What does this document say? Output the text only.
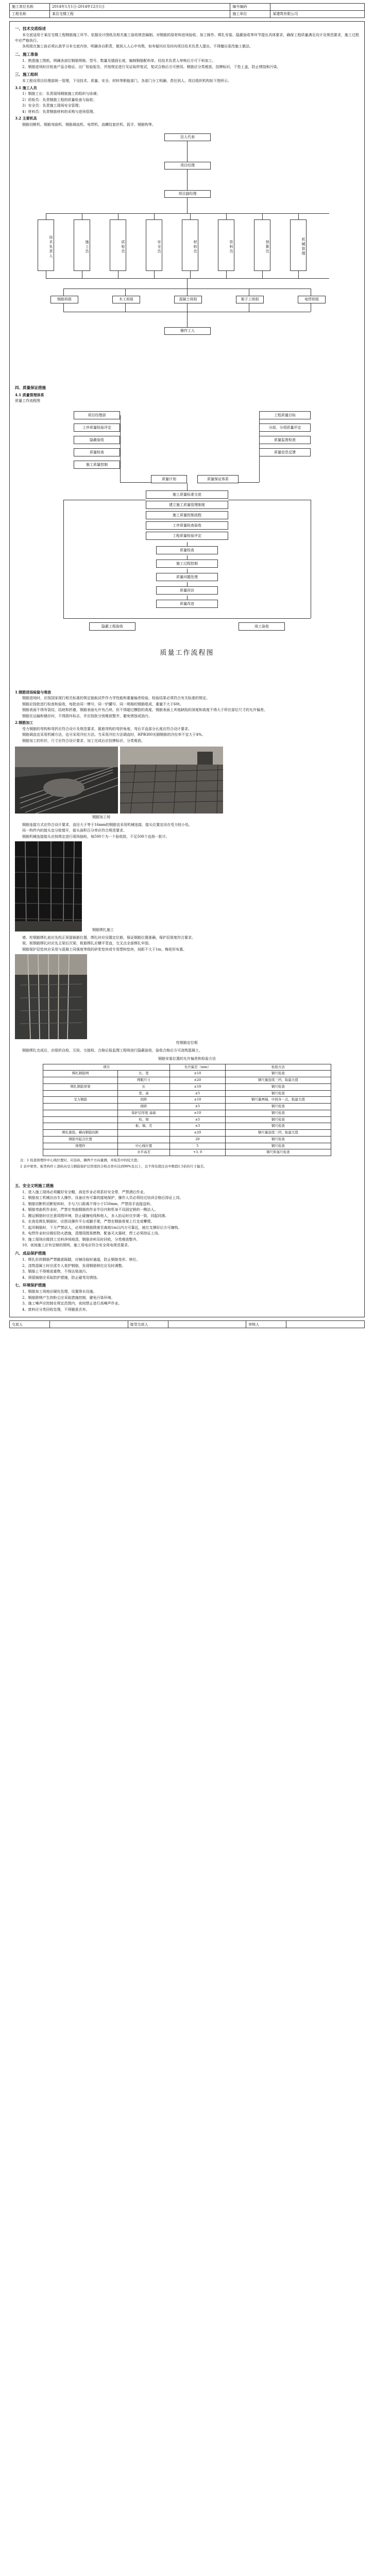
施工单位名称	2014年1月1日-2014年12月1日	编号编码	
工程名称	某住宅楼工程	施工单位	某建筑有限公司
一、技术交底综述

本交底适用于某住宅楼工程钢筋施工环节。依据设计图纸及相关施工验收规范编制。对钢筋的原材料进场验收、加工制作、绑扎安装、隐蔽验收等环节提出具体要求，确保工程质量满足设计及规范要求，施工过程中应严格执行。

各班组在施工前必须认真学习本交底内容，明确各自职责，做到人人心中有数，如有疑问应及时向项目技术负责人提出，不得擅自更改施工做法。

二、施工准备

1、熟悉施工图纸，明确各部位钢筋规格、型号、数量及锚固长度，编制钢筋配料单，经技术负责人审核后方可下料加工。

2、钢筋进场时应检查产品合格证、出厂检验报告，并按规定进行见证取样复试，复试合格后方可使用。钢筋应分类堆放，挂牌标识，下垫上盖，防止锈蚀和污染。

三、施工组织

本工程设项目经理部统一管理，下设技术、质量、安全、材料等职能部门，各部门分工明确，责任到人。项目组织机构如下图所示。

3.1 施工人员

1）钢筋工长：负责现场钢筋施工的组织与协调；

2）质检员：负责钢筋工程的质量检查与验收；

3）安全员：负责施工现场安全管理；

4）材料员：负责钢筋材料的采购与进场管理。

3.2 主要机具

钢筋切断机、钢筋弯曲机、钢筋调直机、电焊机、直螺纹套丝机、扳手、钢筋钩等。

法人代表
项目经理
项目副经理
技术负责人	施工员	质检员	安全员	材料员	资料员	预算员	机械管理
钢筋班组	木工班组	混凝土班组	架子工班组	电焊班组
操作工人
四、质量保证措施
4.1 质量管理体系

质量工作流程图

项目经理部
工序质量检验评定
隐蔽验收
质量检查
施工质量控制
工程质量目标
分部、分项质量评定
质量监督检查
质量信息反馈
质量计划	质量保证体系
施工质量标准交底
建立施工质量管理制度
施工质量控制流程
工序质量检查验收
工程质量检验评定
质量检查
施工过程控制
质量问题处理
质量回访
质量改进
隐蔽工程验收	竣工验收
质量工作流程图
1.钢筋进场检验与堆放

钢筋进场时，应按国家现行相关标准的规定抽取试件作力学性能和重量偏差检验，检验结果必须符合有关标准的规定。

钢筋应按批进行检查和验收，每批由同一牌号、同一炉罐号、同一规格的钢筋组成，重量不大于60t。

钢筋表面不得有裂纹、结疤和折叠，钢筋表面允许有凸块，但不得超过横肋的高度，钢筋表面上其他缺陷的深度和高度不得大于所在部位尺寸的允许偏差。

钢筋在运输和储存时，不得损坏标志，并应按批分别堆放整齐，避免锈蚀或油污。

2.钢筋加工

受力钢筋的弯钩和弯折应符合设计及规范要求，箍筋弯钩的弯折角度、弯后平直部分长度应符合设计要求。

钢筋调直宜采用机械方法，也可采用冷拉方法。当采用冷拉方法调直时，HPB300光圆钢筋的冷拉率不宜大于4%。

钢筋加工的形状、尺寸应符合设计要求，加工完成后应挂牌标识，分类堆放。

钢筋加工场

钢筋连接方式应符合设计要求，直径大于等于16mm的钢筋宜采用机械连接，接头位置宜设在受力较小处。

同一构件内的接头宜分批错开，接头面积百分率应符合规范要求。

钢筋机械连接接头应按规定进行现场抽检，每500个为一个验收批，不足500个也按一批计。

钢筋绑扎施工

墙、柱钢筋绑扎前应先校正预留插筋位置，绑扎时应设置定位筋，保证钢筋位置准确，保护层厚度符合要求。

梁、板钢筋绑扎时应先主梁后次梁，板筋绑扎应横平竖直，交叉点全部绑扎牢固。

钢筋保护层垫块应采用与混凝土同强度等级的砂浆垫块或专用塑料垫块，间距不大于1m，梅花形布置。

柱钢筋定位框

钢筋绑扎完成后，应组织自检、互检、交接检，合格后报监理工程师进行隐蔽验收，验收合格后方可浇筑混凝土。

钢筋安装位置的允许偏差和检验方法
项目		允许偏差（mm）	检验方法
绑扎钢筋网	长、宽	±10	钢尺检查
	网眼尺寸	±20	钢尺量连续三档，取最大值
绑扎钢筋骨架	长	±10	钢尺检查
	宽、高	±5	钢尺检查
受力钢筋	间距	±10	钢尺量两端、中间各一点，取最大值
	排距	±5	钢尺检查
	保护层厚度 基础	±10	钢尺检查
	柱、梁	±5	钢尺检查
	板、墙、壳	±3	钢尺检查
绑扎箍筋、横向钢筋间距		±20	钢尺量连续三档，取最大值
钢筋弯起点位置		20	钢尺检查
预埋件	中心线位置	5	钢尺检查
	水平高差	+3, 0	钢尺和塞尺检查
注：1 检查预埋件中心线位置时，应沿纵、横两个方向量测，并取其中的较大值；
2 表中梁类、板类构件上部纵向受力钢筋保护层厚度的合格点率应达到90%及以上，且不得有超过表中数值1.5倍的尺寸偏差。
五、安全文明施工措施

1、进入施工现场必须戴好安全帽，高处作业必须系好安全带，严禁酒后作业。

2、钢筋加工机械应由专人操作，设备应有可靠的接地保护，操作人员必须经过培训合格后持证上岗。

3、钢筋切断机切断短料时，手与刀口距离不得小于150mm，严禁用手直接送料。

4、钢筋弯曲机作业时，严禁在弯曲钢筋的作业半径内和机身不设固定销的一侧站人。

5、搬运钢筋时应注意周围环境，防止碰撞电线和他人，多人抬运时应步调一致，同起同落。

6、在高处绑扎钢筋时，应搭设操作平台或脚手架，严禁在钢筋骨架上行走或攀爬。

7、起吊钢筋时，下方严禁站人，必须待钢筋降落至离地1m以内方可靠近，就位支撑好后方可摘钩。

8、电焊作业时应做好防火措施，清理周围易燃物，配备灭火器材，焊工必须持证上岗。

9、施工现场应做到工完料净场地清，钢筋余料及时回收，分类堆放整齐。

10、夜间施工应有足够的照明，施工用电应符合安全用电规范要求。

六、成品保护措施

1、绑扎好的钢筋严禁随意踩踏，应铺设临时通道，防止钢筋变形、移位。

2、浇筑混凝土时应派专人看护钢筋，发现钢筋移位应及时调整。

3、钢筋上不得堆放重物，不得沾染油污。

4、预留插筋应采取防护措施，防止碰弯及锈蚀。

七、环境保护措施

1、钢筋加工场地应硬化处理，设置排水设施。

2、钢筋除锈产生的粉尘应采取措施控制，避免污染环境。

3、施工噪声应控制在规定范围内，夜间禁止进行高噪声作业。

4、废料应分类回收处理，不得随意丢弃。

交底人		接受交底人		审核人	
